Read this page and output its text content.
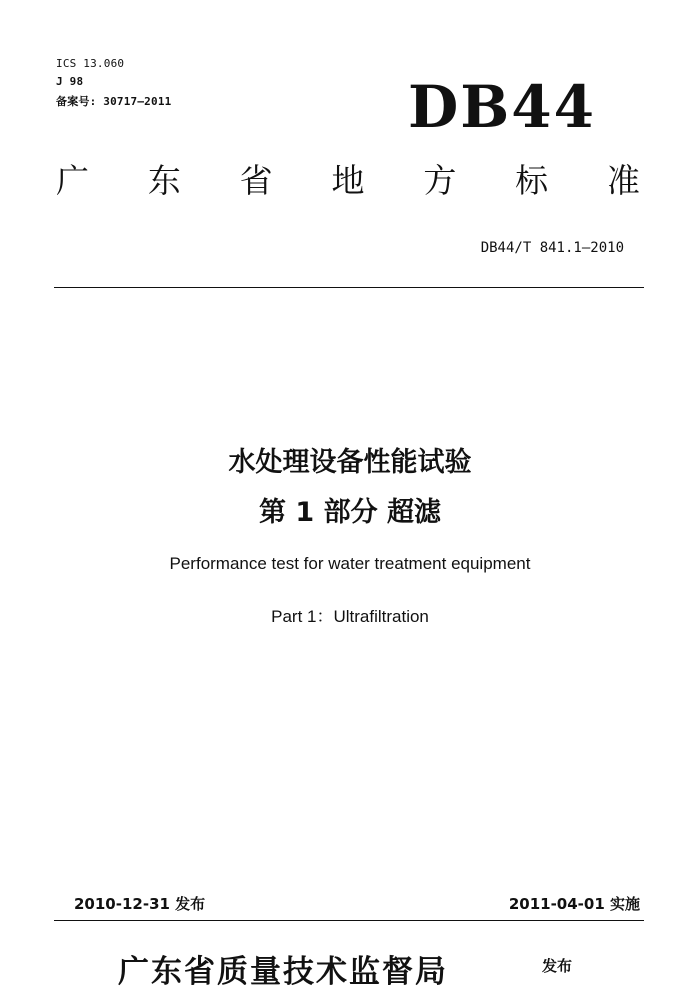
ICS 13.060
J 98
备案号: 30717—2011	DB44
广 东 省 地 方 标 准
DB44/T 841.1—2010
水处理设备性能试验
第 1 部分 超滤
Performance test for water treatment equipment
Part 1：Ultrafiltration
2010-12-31 发布	2011-04-01 实施
广东省质量技术监督局	发布
